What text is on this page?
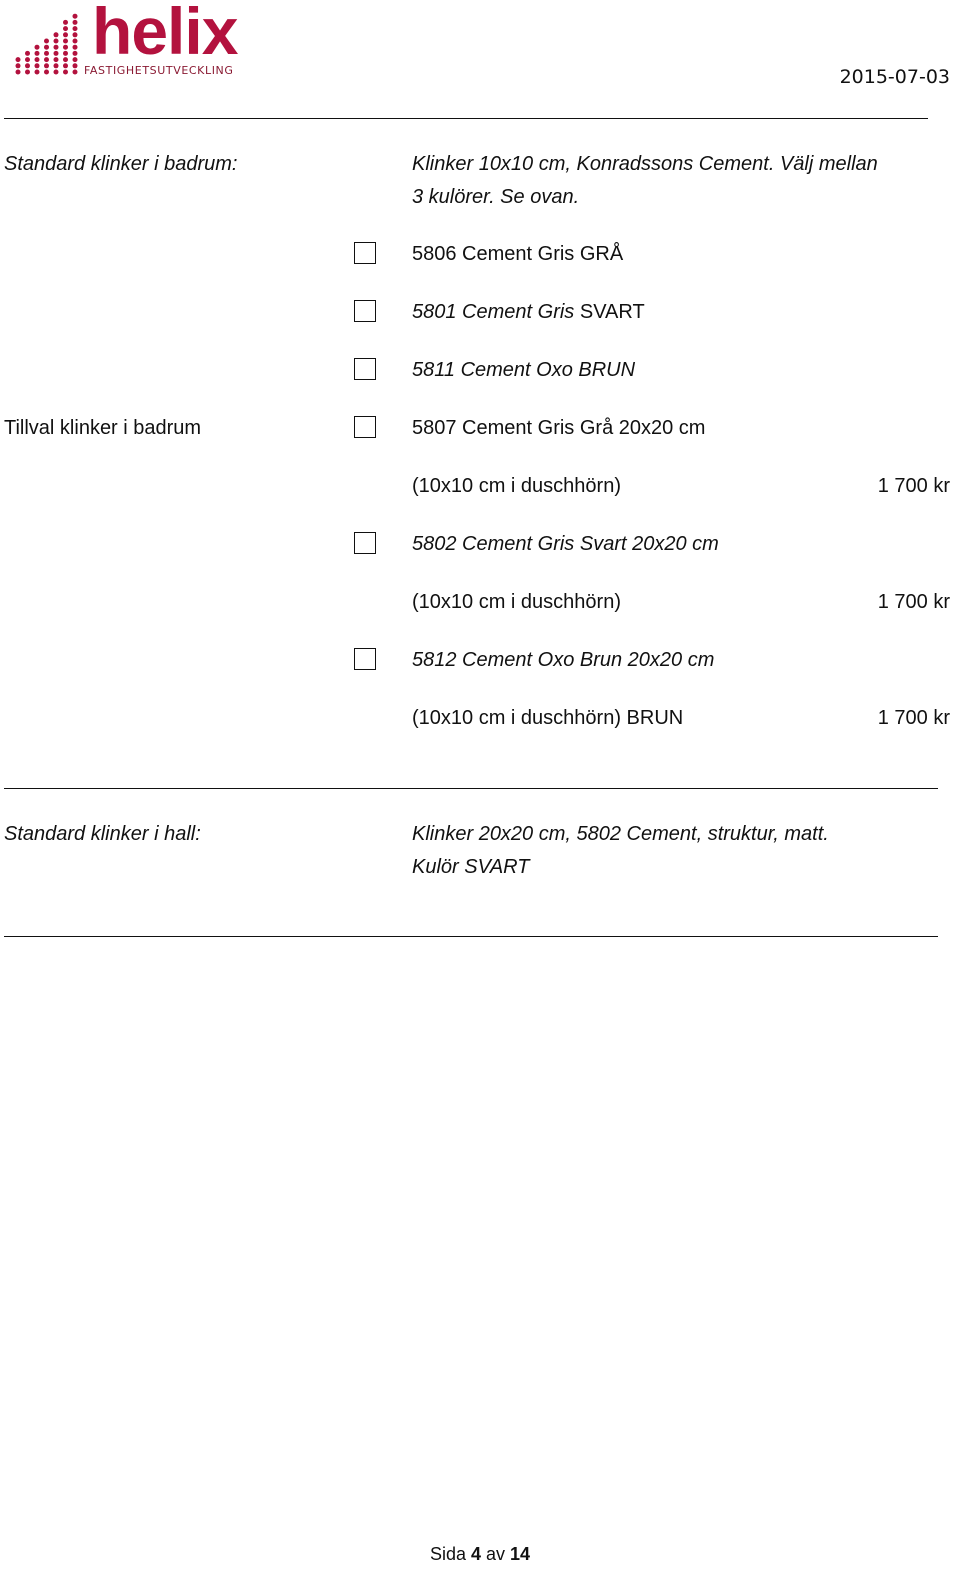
helix
FASTIGHETSUTVECKLING	2015-07-03
Standard klinker i badrum:	Klinker 10x10 cm, Konradssons Cement. Välj mellan
3 kulörer. Se ovan.
5806 Cement Gris GRÅ
5801 Cement Gris SVART
5811 Cement Oxo BRUN
Tillval klinker i badrum	5807 Cement Gris Grå 20x20 cm
(10x10 cm i duschhörn)	1 700 kr
5802 Cement Gris Svart 20x20 cm
(10x10 cm i duschhörn)	1 700 kr
5812 Cement Oxo Brun 20x20 cm
(10x10 cm i duschhörn) BRUN	1 700 kr
Standard klinker i hall:	Klinker 20x20 cm, 5802 Cement, struktur, matt.
Kulör SVART
Sida 4 av 14
